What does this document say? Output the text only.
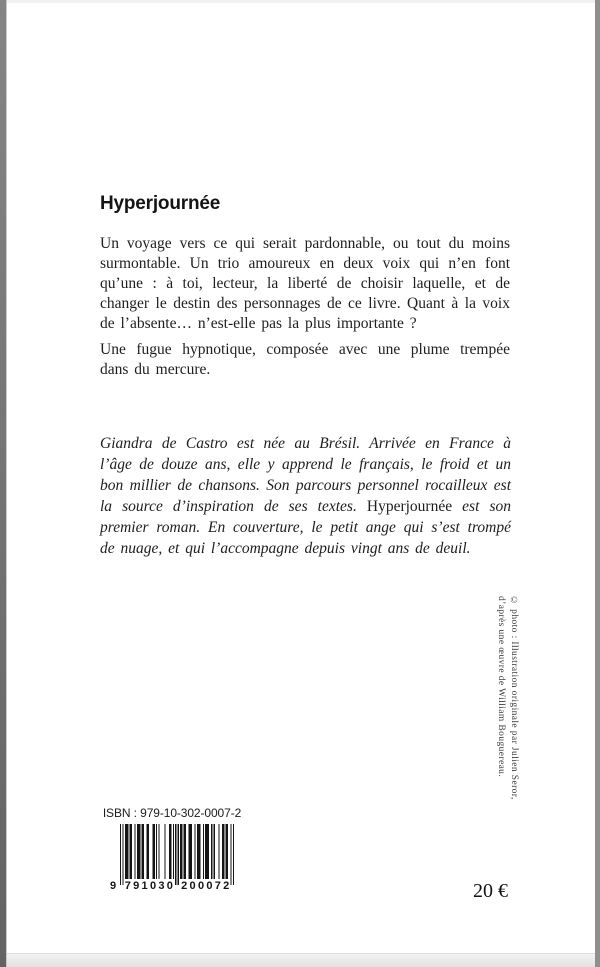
Hyperjournée

Un voyage vers ce qui serait pardonnable, ou tout du moins surmontable. Un trio amoureux en deux voix qui n’en font qu’une : à toi, lecteur, la liberté de choisir laquelle, et de changer le destin des personnages de ce livre. Quant à la voix de l’absente… n’est-elle pas la plus importante ?

Une fugue hypnotique, composée avec une plume trempée dans du mercure.

Giandra de Castro est née au Brésil. Arrivée en France à l’âge de douze ans, elle y apprend le français, le froid et un bon millier de chansons. Son parcours personnel rocailleux est la source d’inspiration de ses textes. Hyperjournée est son premier roman. En couverture, le petit ange qui s’est trompé de nuage, et qui l’accompagne depuis vingt ans de deuil.

© photo : Illustration originale par Julien Seror,
d’après une œuvre de William Bouguereau.
ISBN : 979-10-302-0007-2
9 7 9 1 0 3 0 2 0 0 0 7 2	20 €
